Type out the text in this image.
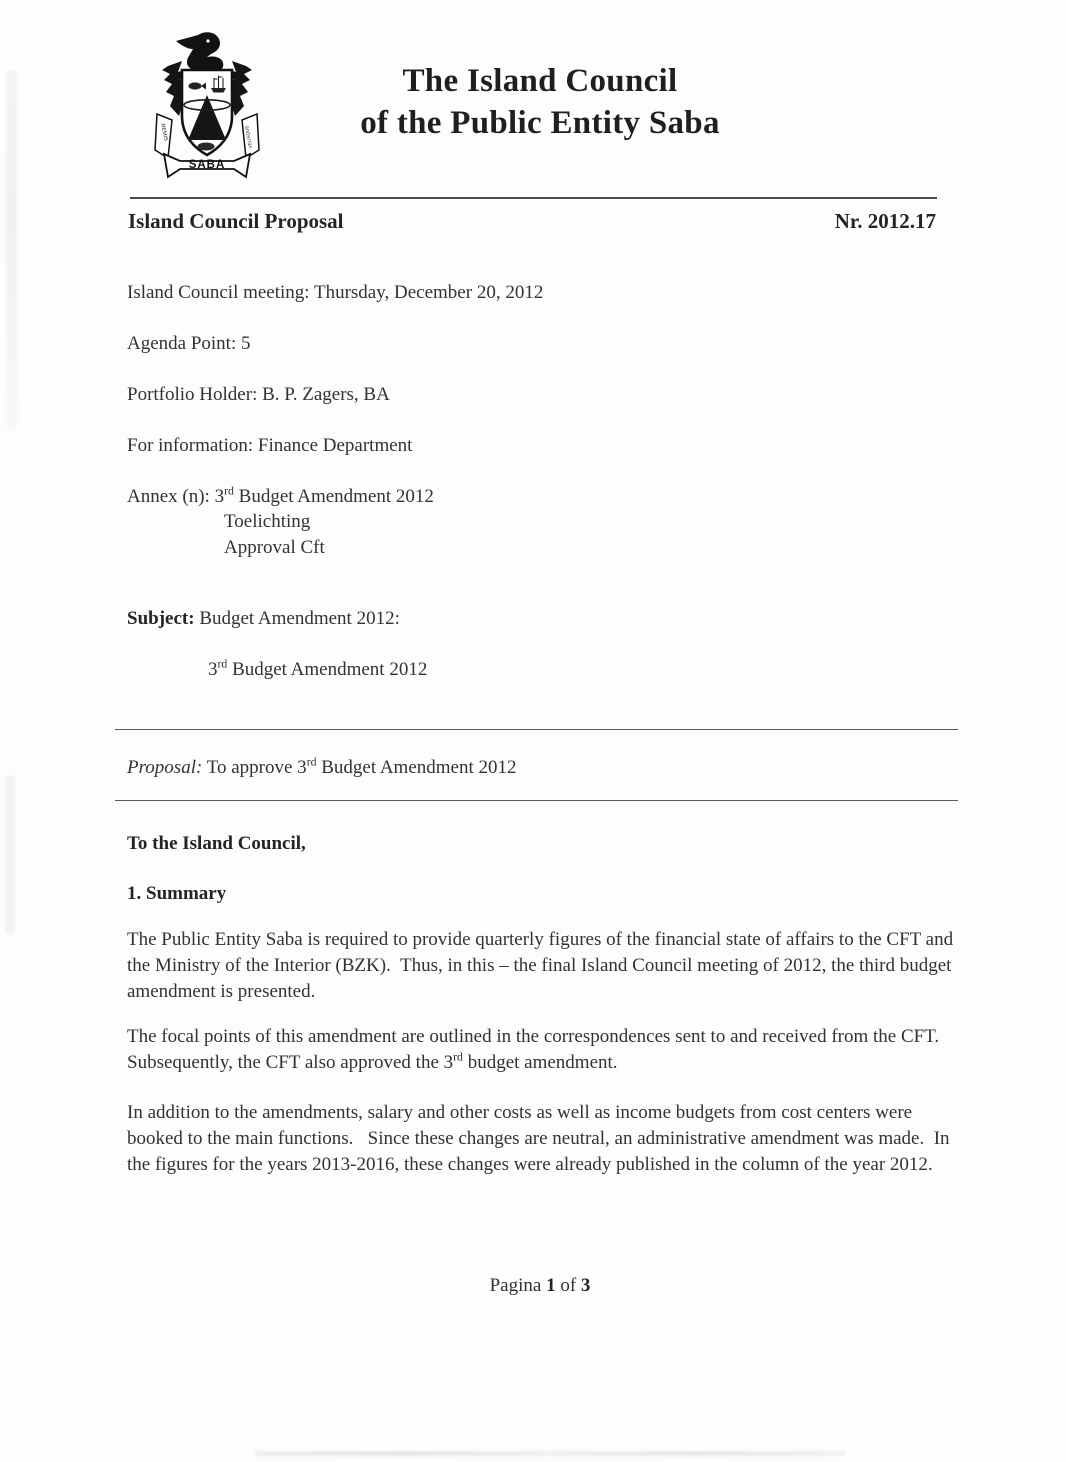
REMIS	VELISQUE
SABA
The Island Council
of the Public Entity Saba
Island Council Proposal	Nr. 2012.17
Island Council meeting: Thursday, December 20, 2012
Agenda Point: 5
Portfolio Holder: B. P. Zagers, BA
For information: Finance Department
Annex (n): 3rd Budget Amendment 2012
Toelichting
Approval Cft
Subject: Budget Amendment 2012:
3rd Budget Amendment 2012
Proposal: To approve 3rd Budget Amendment 2012
To the Island Council,
1. Summary
The Public Entity Saba is required to provide quarterly figures of the financial state of affairs to the CFT and the Ministry of the Interior (BZK).  Thus, in this – the final Island Council meeting of 2012, the third budget amendment is presented.
The focal points of this amendment are outlined in the correspondences sent to and received from the CFT.  Subsequently, the CFT also approved the 3rd budget amendment.
In addition to the amendments, salary and other costs as well as income budgets from cost centers were booked to the main functions.   Since these changes are neutral, an administrative amendment was made.  In the figures for the years 2013-2016, these changes were already published in the column of the year 2012.
Pagina 1 of 3
